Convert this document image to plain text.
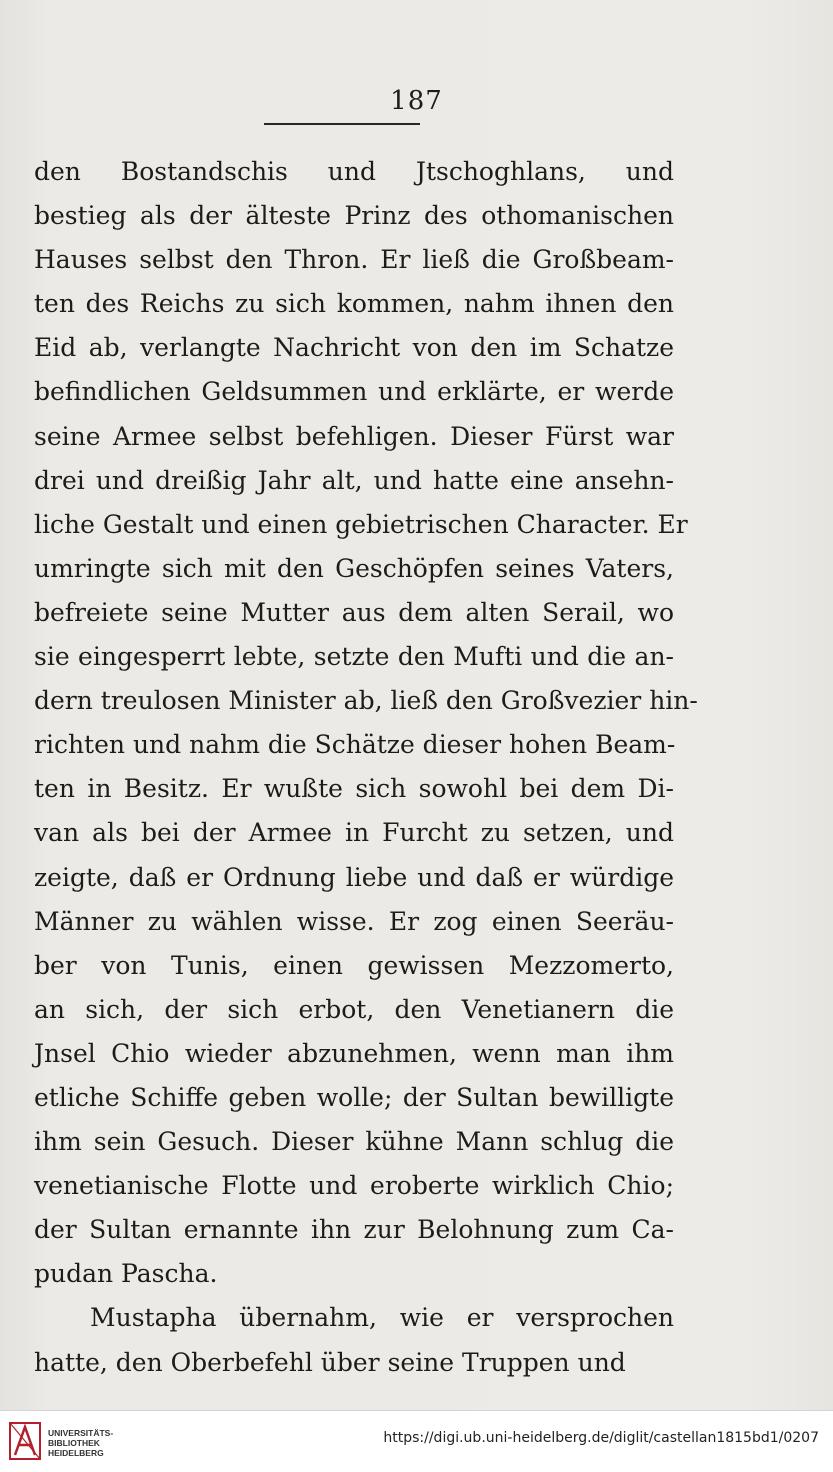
187
den Bostandschis und Jtschoghlans, und
bestieg als der älteste Prinz des othomanischen
Hauses selbst den Thron. Er ließ die Großbeam-
ten des Reichs zu sich kommen, nahm ihnen den
Eid ab, verlangte Nachricht von den im Schatze
befindlichen Geldsummen und erklärte, er werde
seine Armee selbst befehligen. Dieser Fürst war
drei und dreißig Jahr alt, und hatte eine ansehn-
liche Gestalt und einen gebietrischen Character. Er
umringte sich mit den Geschöpfen seines Vaters,
befreiete seine Mutter aus dem alten Serail, wo
sie eingesperrt lebte, setzte den Mufti und die an-
dern treulosen Minister ab, ließ den Großvezier hin-
richten und nahm die Schätze dieser hohen Beam-
ten in Besitz. Er wußte sich sowohl bei dem Di-
van als bei der Armee in Furcht zu setzen, und
zeigte, daß er Ordnung liebe und daß er würdige
Männer zu wählen wisse. Er zog einen Seeräu-
ber von Tunis, einen gewissen Mezzomerto,
an sich, der sich erbot, den Venetianern die
Jnsel Chio wieder abzunehmen, wenn man ihm
etliche Schiffe geben wolle; der Sultan bewilligte
ihm sein Gesuch. Dieser kühne Mann schlug die
venetianische Flotte und eroberte wirklich Chio;
der Sultan ernannte ihn zur Belohnung zum Ca-
pudan Pascha.
Mustapha übernahm, wie er versprochen
hatte, den Oberbefehl über seine Truppen und
UNIVERSITÄTS-
BIBLIOTHEK
HEIDELBERG
https://digi.ub.uni-heidelberg.de/diglit/castellan1815bd1/0207
